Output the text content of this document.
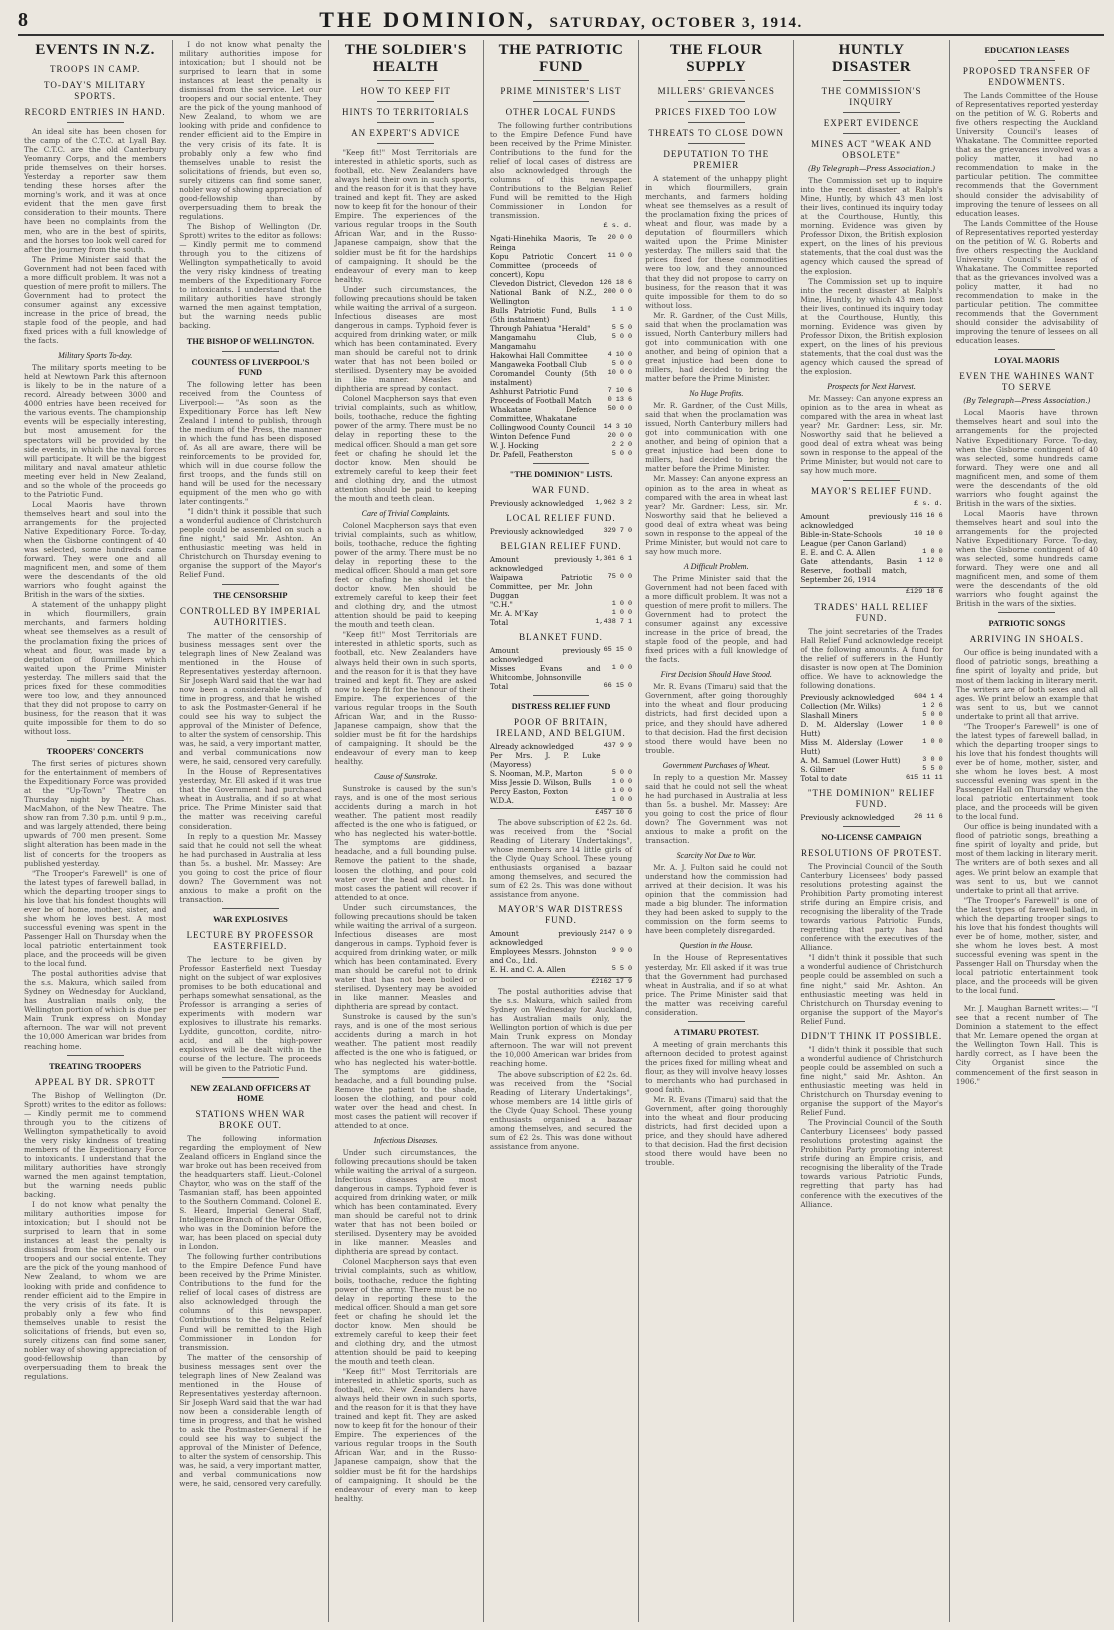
8	THE DOMINION, SATURDAY, OCTOBER 3, 1914.
EVENTS IN N.Z.
TROOPS IN CAMP.
TO-DAY'S MILITARY SPORTS.
RECORD ENTRIES IN HAND.

An ideal site has been chosen for the camp of the C.T.C. at Lyall Bay. The C.T.C. are the old Canterbury Yeomanry Corps, and the members pride themselves on their horses. Yesterday a reporter saw them tending these horses after the morning's work, and it was at once evident that the men gave first consideration to their mounts. There have been no complaints from the men, who are in the best of spirits, and the horses too look well cared for after the journey from the south.

The Prime Minister said that the Government had not been faced with a more difficult problem. It was not a question of mere profit to millers. The Government had to protect the consumer against any excessive increase in the price of bread, the staple food of the people, and had fixed prices with a full knowledge of the facts.

Military Sports To-day.

The military sports meeting to be held at Newtown Park this afternoon is likely to be in the nature of a record. Already between 3000 and 4000 entries have been received for the various events. The championship events will be especially interesting, but most amusement for the spectators will be provided by the side events, in which the naval forces will participate. It will be the biggest military and naval amateur athletic meeting ever held in New Zealand, and so the whole of the proceeds go to the Patriotic Fund.

Local Maoris have thrown themselves heart and soul into the arrangements for the projected Native Expeditionary Force. To-day, when the Gisborne contingent of 40 was selected, some hundreds came forward. They were one and all magnificent men, and some of them were the descendants of the old warriors who fought against the British in the wars of the sixties.

A statement of the unhappy plight in which flourmillers, grain merchants, and farmers holding wheat see themselves as a result of the proclamation fixing the prices of wheat and flour, was made by a deputation of flourmillers which waited upon the Prime Minister yesterday. The millers said that the prices fixed for these commodities were too low, and they announced that they did not propose to carry on business, for the reason that it was quite impossible for them to do so without loss.

TROOPERS' CONCERTS

The first series of pictures shown for the entertainment of members of the Expeditionary Force was provided at the "Up-Town" Theatre on Thursday night by Mr. Chas. MacMahon, of the New Theatre. The show ran from 7.30 p.m. until 9 p.m., and was largely attended, there being upwards of 700 men present. Some slight alteration has been made in the list of concerts for the troopers as published yesterday.

"The Trooper's Farewell" is one of the latest types of farewell ballad, in which the departing trooper sings to his love that his fondest thoughts will ever be of home, mother, sister, and she whom he loves best. A most successful evening was spent in the Passenger Hall on Thursday when the local patriotic entertainment took place, and the proceeds will be given to the local fund.

The postal authorities advise that the s.s. Makura, which sailed from Sydney on Wednesday for Auckland, has Australian mails only, the Wellington portion of which is due per Main Trunk express on Monday afternoon. The war will not prevent the 10,000 American war brides from reaching home.

TREATING TROOPERS
APPEAL BY DR. SPROTT

The Bishop of Wellington (Dr. Sprott) writes to the editor as follows:— Kindly permit me to commend through you to the citizens of Wellington sympathetically to avoid the very risky kindness of treating members of the Expeditionary Force to intoxicants. I understand that the military authorities have strongly warned the men against temptation, but the warning needs public backing.

I do not know what penalty the military authorities impose for intoxication; but I should not be surprised to learn that in some instances at least the penalty is dismissal from the service. Let our troopers and our social entente. They are the pick of the young manhood of New Zealand, to whom we are looking with pride and confidence to render efficient aid to the Empire in the very crisis of its fate. It is probably only a few who find themselves unable to resist the solicitations of friends, but even so, surely citizens can find some saner, nobler way of showing appreciation of good-fellowship than by overpersuading them to break the regulations.

I do not know what penalty the military authorities impose for intoxication; but I should not be surprised to learn that in some instances at least the penalty is dismissal from the service. Let our troopers and our social entente. They are the pick of the young manhood of New Zealand, to whom we are looking with pride and confidence to render efficient aid to the Empire in the very crisis of its fate. It is probably only a few who find themselves unable to resist the solicitations of friends, but even so, surely citizens can find some saner, nobler way of showing appreciation of good-fellowship than by overpersuading them to break the regulations.

The Bishop of Wellington (Dr. Sprott) writes to the editor as follows:— Kindly permit me to commend through you to the citizens of Wellington sympathetically to avoid the very risky kindness of treating members of the Expeditionary Force to intoxicants. I understand that the military authorities have strongly warned the men against temptation, but the warning needs public backing.

THE BISHOP OF WELLINGTON.
COUNTESS OF LIVERPOOL'S FUND

The following letter has been received from the Countess of Liverpool:— "As soon as the Expeditionary Force has left New Zealand I intend to publish, through the medium of the Press, the manner in which the fund has been disposed of. As all are aware, there will be reinforcements to be provided for, which will in due course follow the first troops, and the funds still on hand will be used for the necessary equipment of the men who go with later contingents."

"I didn't think it possible that such a wonderful audience of Christchurch people could be assembled on such a fine night," said Mr. Ashton. An enthusiastic meeting was held in Christchurch on Thursday evening to organise the support of the Mayor's Relief Fund.

THE CENSORSHIP
CONTROLLED BY IMPERIAL AUTHORITIES.

The matter of the censorship of business messages sent over the telegraph lines of New Zealand was mentioned in the House of Representatives yesterday afternoon. Sir Joseph Ward said that the war had now been a considerable length of time in progress, and that he wished to ask the Postmaster-General if he could see his way to subject the approval of the Minister of Defence, to alter the system of censorship. This was, he said, a very important matter, and verbal communications now were, he said, censored very carefully.

In the House of Representatives yesterday, Mr. Ell asked if it was true that the Government had purchased wheat in Australia, and if so at what price. The Prime Minister said that the matter was receiving careful consideration.

In reply to a question Mr. Massey said that he could not sell the wheat he had purchased in Australia at less than 5s. a bushel. Mr. Massey: Are you going to cost the price of flour down? The Government was not anxious to make a profit on the transaction.

WAR EXPLOSIVES
LECTURE BY PROFESSOR EASTERFIELD.

The lecture to be given by Professor Easterfield next Tuesday night on the subject of war explosives promises to be both educational and perhaps somewhat sensational, as the Professor is arranging a series of experiments with modern war explosives to illustrate his remarks. Lyddite, guncotton, cordite, nitro-acid, and all the high-power explosives will be dealt with in the course of the lecture. The proceeds will be given to the Patriotic Fund.

NEW ZEALAND OFFICERS AT HOME
STATIONS WHEN WAR BROKE OUT.

The following information regarding the employment of New Zealand officers in England since the war broke out has been received from the headquarters staff. Lieut.-Colonel Chaytor, who was on the staff of the Tasmanian staff, has been appointed to the Southern Command. Colonel E. S. Heard, Imperial General Staff, Intelligence Branch of the War Office, who was in the Dominion before the war, has been placed on special duty in London.

The following further contributions to the Empire Defence Fund have been received by the Prime Minister. Contributions to the fund for the relief of local cases of distress are also acknowledged through the columns of this newspaper. Contributions to the Belgian Relief Fund will be remitted to the High Commissioner in London for transmission.

The matter of the censorship of business messages sent over the telegraph lines of New Zealand was mentioned in the House of Representatives yesterday afternoon. Sir Joseph Ward said that the war had now been a considerable length of time in progress, and that he wished to ask the Postmaster-General if he could see his way to subject the approval of the Minister of Defence, to alter the system of censorship. This was, he said, a very important matter, and verbal communications now were, he said, censored very carefully.

THE SOLDIER'S HEALTH
HOW TO KEEP FIT
HINTS TO TERRITORIALS
AN EXPERT'S ADVICE

"Keep fit!" Most Territorials are interested in athletic sports, such as football, etc. New Zealanders have always held their own in such sports, and the reason for it is that they have trained and kept fit. They are asked now to keep fit for the honour of their Empire. The experiences of the various regular troops in the South African War, and in the Russo-Japanese campaign, show that the soldier must be fit for the hardships of campaigning. It should be the endeavour of every man to keep healthy.

Under such circumstances, the following precautions should be taken while waiting the arrival of a surgeon. Infectious diseases are most dangerous in camps. Typhoid fever is acquired from drinking water, or milk which has been contaminated. Every man should be careful not to drink water that has not been boiled or sterilised. Dysentery may be avoided in like manner. Measles and diphtheria are spread by contact.

Colonel Macpherson says that even trivial complaints, such as whitlow, boils, toothache, reduce the fighting power of the army. There must be no delay in reporting these to the medical officer. Should a man get sore feet or chafing he should let the doctor know. Men should be extremely careful to keep their feet and clothing dry, and the utmost attention should be paid to keeping the mouth and teeth clean.

Care of Trivial Complaints.

Colonel Macpherson says that even trivial complaints, such as whitlow, boils, toothache, reduce the fighting power of the army. There must be no delay in reporting these to the medical officer. Should a man get sore feet or chafing he should let the doctor know. Men should be extremely careful to keep their feet and clothing dry, and the utmost attention should be paid to keeping the mouth and teeth clean.

"Keep fit!" Most Territorials are interested in athletic sports, such as football, etc. New Zealanders have always held their own in such sports, and the reason for it is that they have trained and kept fit. They are asked now to keep fit for the honour of their Empire. The experiences of the various regular troops in the South African War, and in the Russo-Japanese campaign, show that the soldier must be fit for the hardships of campaigning. It should be the endeavour of every man to keep healthy.

Cause of Sunstroke.

Sunstroke is caused by the sun's rays, and is one of the most serious accidents during a march in hot weather. The patient most readily affected is the one who is fatigued, or who has neglected his water-bottle. The symptoms are giddiness, headache, and a full bounding pulse. Remove the patient to the shade, loosen the clothing, and pour cold water over the head and chest. In most cases the patient will recover if attended to at once.

Under such circumstances, the following precautions should be taken while waiting the arrival of a surgeon. Infectious diseases are most dangerous in camps. Typhoid fever is acquired from drinking water, or milk which has been contaminated. Every man should be careful not to drink water that has not been boiled or sterilised. Dysentery may be avoided in like manner. Measles and diphtheria are spread by contact.

Sunstroke is caused by the sun's rays, and is one of the most serious accidents during a march in hot weather. The patient most readily affected is the one who is fatigued, or who has neglected his water-bottle. The symptoms are giddiness, headache, and a full bounding pulse. Remove the patient to the shade, loosen the clothing, and pour cold water over the head and chest. In most cases the patient will recover if attended to at once.

Infectious Diseases.

Under such circumstances, the following precautions should be taken while waiting the arrival of a surgeon. Infectious diseases are most dangerous in camps. Typhoid fever is acquired from drinking water, or milk which has been contaminated. Every man should be careful not to drink water that has not been boiled or sterilised. Dysentery may be avoided in like manner. Measles and diphtheria are spread by contact.

Colonel Macpherson says that even trivial complaints, such as whitlow, boils, toothache, reduce the fighting power of the army. There must be no delay in reporting these to the medical officer. Should a man get sore feet or chafing he should let the doctor know. Men should be extremely careful to keep their feet and clothing dry, and the utmost attention should be paid to keeping the mouth and teeth clean.

"Keep fit!" Most Territorials are interested in athletic sports, such as football, etc. New Zealanders have always held their own in such sports, and the reason for it is that they have trained and kept fit. They are asked now to keep fit for the honour of their Empire. The experiences of the various regular troops in the South African War, and in the Russo-Japanese campaign, show that the soldier must be fit for the hardships of campaigning. It should be the endeavour of every man to keep healthy.

THE PATRIOTIC FUND
PRIME MINISTER'S LIST
OTHER LOCAL FUNDS

The following further contributions to the Empire Defence Fund have been received by the Prime Minister. Contributions to the fund for the relief of local cases of distress are also acknowledged through the columns of this newspaper. Contributions to the Belgian Relief Fund will be remitted to the High Commissioner in London for transmission.

£ s. d.
Ngati-Hinehika Maoris, Te Reinga	20 0 0
Kopu Patriotic Concert Committee (proceeds of concert), Kopu	11 0 0
Clevedon District, Clevedon	126 18 6
National Bank of N.Z., Wellington	200 0 0
Bulls Patriotic Fund, Bulls (5th instalment)	1 1 0
Through Pahiatua "Herald"	5 5 0
Mangamahu Club, Mangamahu	5 0 0
Hakowhai Hall Committee	4 10 0
Mangaweka Football Club	5 0 0
Coromandel County (5th instalment)	10 0 0
Ashhurst Patriotic Fund	7 10 6
Proceeds of Football Match	0 13 6
Whakatane Defence Committee, Whakatane	50 0 0
Collingwood County Council	14 3 10
Winton Defence Fund	20 0 0
W. J. Hocking	2 2 0
Dr. Pafell, Featherston	5 0 0
"THE DOMINION" LISTS.
WAR FUND.
Previously acknowledged	1,962 3 2
LOCAL RELIEF FUND.
Previously acknowledged	329 7 0
BELGIAN RELIEF FUND.
Amount previously acknowledged	1,361 6 1
Waipawa Patriotic Committee, per Mr. John Duggan	75 0 0
"C.H."	1 0 0
Mr. A. M'Kay	1 0 0
Total	1,438 7 1
BLANKET FUND.
Amount previously acknowledged	65 15 0
Misses Evans and Whitcombe, Johnsonville	1 0 0
Total	66 15 0
DISTRESS RELIEF FUND
POOR OF BRITAIN, IRELAND, AND BELGIUM.
Already acknowledged	437 9 9
Per Mrs. J. P. Luke (Mayoress)	
S. Nooman, M.P., Marton	5 0 0
Miss Jessie D. Wilson, Bulls	1 0 0
Percy Easton, Foxton	1 0 0
W.D.A.	1 0 0
£457 10 0

The above subscription of £2 2s. 6d. was received from the "Social Reading of Literary Undertakings", whose members are 14 little girls of the Clyde Quay School. These young enthusiasts organised a bazaar among themselves, and secured the sum of £2 2s. This was done without assistance from anyone.

MAYOR'S WAR DISTRESS FUND.
Amount previously acknowledged	2147 0 9
Employees Messrs. Johnston and Co., Ltd.	9 9 0
E. H. and C. A. Allen	5 5 0
£2162 17 9

The postal authorities advise that the s.s. Makura, which sailed from Sydney on Wednesday for Auckland, has Australian mails only, the Wellington portion of which is due per Main Trunk express on Monday afternoon. The war will not prevent the 10,000 American war brides from reaching home.

The above subscription of £2 2s. 6d. was received from the "Social Reading of Literary Undertakings", whose members are 14 little girls of the Clyde Quay School. These young enthusiasts organised a bazaar among themselves, and secured the sum of £2 2s. This was done without assistance from anyone.

THE FLOUR SUPPLY
MILLERS' GRIEVANCES
PRICES FIXED TOO LOW
THREATS TO CLOSE DOWN
DEPUTATION TO THE PREMIER

A statement of the unhappy plight in which flourmillers, grain merchants, and farmers holding wheat see themselves as a result of the proclamation fixing the prices of wheat and flour, was made by a deputation of flourmillers which waited upon the Prime Minister yesterday. The millers said that the prices fixed for these commodities were too low, and they announced that they did not propose to carry on business, for the reason that it was quite impossible for them to do so without loss.

Mr. R. Gardner, of the Cust Mills, said that when the proclamation was issued, North Canterbury millers had got into communication with one another, and being of opinion that a great injustice had been done to millers, had decided to bring the matter before the Prime Minister.

No Huge Profits.

Mr. R. Gardner, of the Cust Mills, said that when the proclamation was issued, North Canterbury millers had got into communication with one another, and being of opinion that a great injustice had been done to millers, had decided to bring the matter before the Prime Minister.

Mr. Massey: Can anyone express an opinion as to the area in wheat as compared with the area in wheat last year? Mr. Gardner: Less, sir. Mr. Nosworthy said that he believed a good deal of extra wheat was being sown in response to the appeal of the Prime Minister, but would not care to say how much more.

A Difficult Problem.

The Prime Minister said that the Government had not been faced with a more difficult problem. It was not a question of mere profit to millers. The Government had to protect the consumer against any excessive increase in the price of bread, the staple food of the people, and had fixed prices with a full knowledge of the facts.

First Decision Should Have Stood.

Mr. R. Evans (Timaru) said that the Government, after going thoroughly into the wheat and flour producing districts, had first decided upon a price, and they should have adhered to that decision. Had the first decision stood there would have been no trouble.

Government Purchases of Wheat.

In reply to a question Mr. Massey said that he could not sell the wheat he had purchased in Australia at less than 5s. a bushel. Mr. Massey: Are you going to cost the price of flour down? The Government was not anxious to make a profit on the transaction.

Scarcity Not Due to War.

Mr. A. J. Fulton said he could not understand how the commission had arrived at their decision. It was his opinion that the commission had made a big blunder. The information they had been asked to supply to the commission on the form seems to have been completely disregarded.

Question in the House.

In the House of Representatives yesterday, Mr. Ell asked if it was true that the Government had purchased wheat in Australia, and if so at what price. The Prime Minister said that the matter was receiving careful consideration.

A TIMARU PROTEST.

A meeting of grain merchants this afternoon decided to protest against the prices fixed for milling wheat and flour, as they will involve heavy losses to merchants who had purchased in good faith.

Mr. R. Evans (Timaru) said that the Government, after going thoroughly into the wheat and flour producing districts, had first decided upon a price, and they should have adhered to that decision. Had the first decision stood there would have been no trouble.

HUNTLY DISASTER
THE COMMISSION'S INQUIRY
EXPERT EVIDENCE
MINES ACT "WEAK AND OBSOLETE"
(By Telegraph—Press Association.)

The Commission set up to inquire into the recent disaster at Ralph's Mine, Huntly, by which 43 men lost their lives, continued its inquiry today at the Courthouse, Huntly, this morning. Evidence was given by Professor Dixon, the British explosion expert, on the lines of his previous statements, that the coal dust was the agency which caused the spread of the explosion.

The Commission set up to inquire into the recent disaster at Ralph's Mine, Huntly, by which 43 men lost their lives, continued its inquiry today at the Courthouse, Huntly, this morning. Evidence was given by Professor Dixon, the British explosion expert, on the lines of his previous statements, that the coal dust was the agency which caused the spread of the explosion.

Prospects for Next Harvest.

Mr. Massey: Can anyone express an opinion as to the area in wheat as compared with the area in wheat last year? Mr. Gardner: Less, sir. Mr. Nosworthy said that he believed a good deal of extra wheat was being sown in response to the appeal of the Prime Minister, but would not care to say how much more.

MAYOR'S RELIEF FUND.
£ s. d.
Amount previously acknowledged	116 16 6
Bible-in-State-Schools League (per Canon Garland)	10 10 0
E. E. and C. A. Allen	1 0 0
Gate attendants, Basin Reserve, football match, September 26, 1914	1 12 0
£129 18 6
TRADES' HALL RELIEF FUND.

The joint secretaries of the Trades Hall Relief Fund acknowledge receipt of the following amounts. A fund for the relief of sufferers in the Huntly disaster is now open at The Dominion office. We have to acknowledge the following donations.

Previously acknowledged	604 1 4
Collection (Mr. Wilks)	1 2 6
Slashall Miners	5 0 0
D. M. Alderslay (Lower Hutt)	1 0 0
Miss M. Alderslay (Lower Hutt)	1 0 0
A. M. Samuel (Lower Hutt)	3 0 0
S. Gilmer	5 5 0
Total to date	615 11 11
"THE DOMINION" RELIEF FUND.
Previously acknowledged	26 11 6
NO-LICENSE CAMPAIGN
RESOLUTIONS OF PROTEST.

The Provincial Council of the South Canterbury Licensees' body passed resolutions protesting against the Prohibition Party promoting interest strife during an Empire crisis, and recognising the liberality of the Trade towards various Patriotic Funds, regretting that party has had conference with the executives of the Alliance.

"I didn't think it possible that such a wonderful audience of Christchurch people could be assembled on such a fine night," said Mr. Ashton. An enthusiastic meeting was held in Christchurch on Thursday evening to organise the support of the Mayor's Relief Fund.

DIDN'T THINK IT POSSIBLE.

"I didn't think it possible that such a wonderful audience of Christchurch people could be assembled on such a fine night," said Mr. Ashton. An enthusiastic meeting was held in Christchurch on Thursday evening to organise the support of the Mayor's Relief Fund.

The Provincial Council of the South Canterbury Licensees' body passed resolutions protesting against the Prohibition Party promoting interest strife during an Empire crisis, and recognising the liberality of the Trade towards various Patriotic Funds, regretting that party has had conference with the executives of the Alliance.

EDUCATION LEASES
PROPOSED TRANSFER OF ENDOWMENTS.

The Lands Committee of the House of Representatives reported yesterday on the petition of W. G. Roberts and five others respecting the Auckland University Council's leases of Whakatane. The Committee reported that as the grievances involved was a policy matter, it had no recommendation to make in the particular petition. The committee recommends that the Government should consider the advisability of improving the tenure of lessees on all education leases.

The Lands Committee of the House of Representatives reported yesterday on the petition of W. G. Roberts and five others respecting the Auckland University Council's leases of Whakatane. The Committee reported that as the grievances involved was a policy matter, it had no recommendation to make in the particular petition. The committee recommends that the Government should consider the advisability of improving the tenure of lessees on all education leases.

LOYAL MAORIS
EVEN THE WAHINES WANT TO SERVE
(By Telegraph—Press Association.)

Local Maoris have thrown themselves heart and soul into the arrangements for the projected Native Expeditionary Force. To-day, when the Gisborne contingent of 40 was selected, some hundreds came forward. They were one and all magnificent men, and some of them were the descendants of the old warriors who fought against the British in the wars of the sixties.

Local Maoris have thrown themselves heart and soul into the arrangements for the projected Native Expeditionary Force. To-day, when the Gisborne contingent of 40 was selected, some hundreds came forward. They were one and all magnificent men, and some of them were the descendants of the old warriors who fought against the British in the wars of the sixties.

PATRIOTIC SONGS
ARRIVING IN SHOALS.

Our office is being inundated with a flood of patriotic songs, breathing a fine spirit of loyalty and pride, but most of them lacking in literary merit. The writers are of both sexes and all ages. We print below an example that was sent to us, but we cannot undertake to print all that arrive.

"The Trooper's Farewell" is one of the latest types of farewell ballad, in which the departing trooper sings to his love that his fondest thoughts will ever be of home, mother, sister, and she whom he loves best. A most successful evening was spent in the Passenger Hall on Thursday when the local patriotic entertainment took place, and the proceeds will be given to the local fund.

Our office is being inundated with a flood of patriotic songs, breathing a fine spirit of loyalty and pride, but most of them lacking in literary merit. The writers are of both sexes and all ages. We print below an example that was sent to us, but we cannot undertake to print all that arrive.

"The Trooper's Farewell" is one of the latest types of farewell ballad, in which the departing trooper sings to his love that his fondest thoughts will ever be of home, mother, sister, and she whom he loves best. A most successful evening was spent in the Passenger Hall on Thursday when the local patriotic entertainment took place, and the proceeds will be given to the local fund.

Mr. J. Maughan Barnett writes:— "I see that a recent number of The Dominion a statement to the effect that Mr. Lemare opened the organ at the Wellington Town Hall. This is hardly correct, as I have been the City Organist since the commencement of the first season in 1906."
